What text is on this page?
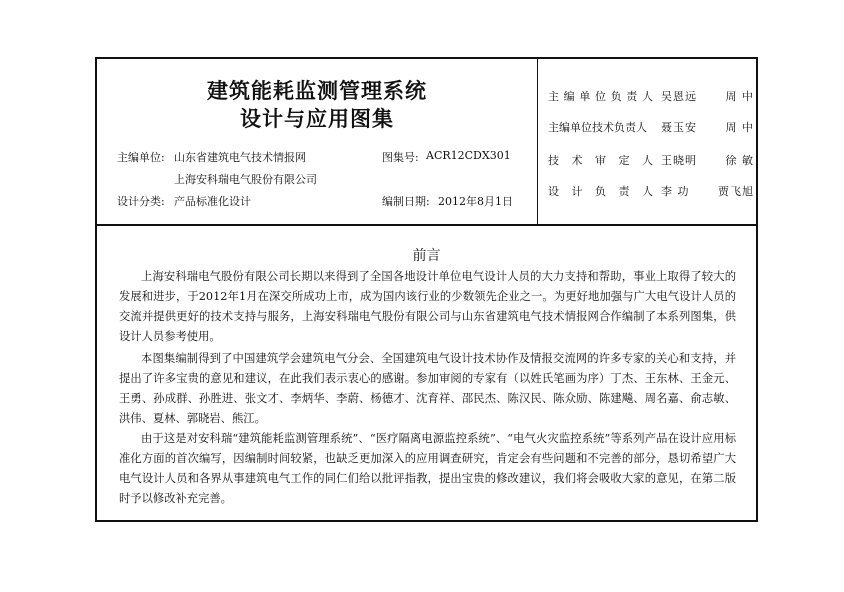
建筑能耗监测管理系统
设计与应用图集
主编单位: 山东省建筑电气技术情报网
上海安科瑞电气股份有限公司
设计分类: 产品标准化设计
图集号: ACR12CDX301
编制日期: 2012年8月1日
主 编 单 位 负 责 人 吴恩远	周 中
主编单位技术负责人 聂玉安	周 中
技 术 审 定 人 王晓明	徐 敏
设 计 负 责 人 李 功	贾飞旭
前言
上海安科瑞电气股份有限公司长期以来得到了全国各地设计单位电气设计人员的大力支持和帮助，事业上取得了较大的发展和进步，于2012年1月在深交所成功上市，成为国内该行业的少数领先企业之一。为更好地加强与广大电气设计人员的交流并提供更好的技术支持与服务，上海安科瑞电气股份有限公司与山东省建筑电气技术情报网合作编制了本系列图集，供设计人员参考使用。
本图集编制得到了中国建筑学会建筑电气分会、全国建筑电气设计技术协作及情报交流网的许多专家的关心和支持，并提出了许多宝贵的意见和建议，在此我们表示衷心的感谢。参加审阅的专家有（以姓氏笔画为序）丁杰、王东林、王金元、王勇、孙成群、孙胜进、张文才、李炳华、李蔚、杨德才、沈育祥、邵民杰、陈汉民、陈众励、陈建飚、周名嘉、俞志敏、洪伟、夏林、郭晓岩、熊江。
由于这是对安科瑞“建筑能耗监测管理系统”、“医疗隔离电源监控系统”、“电气火灾监控系统”等系列产品在设计应用标准化方面的首次编写，因编制时间较紧，也缺乏更加深入的应用调查研究，肯定会有些问题和不完善的部分，恳切希望广大电气设计人员和各界从事建筑电气工作的同仁们给以批评指教，提出宝贵的修改建议，我们将会吸收大家的意见，在第二版时予以修改补充完善。
